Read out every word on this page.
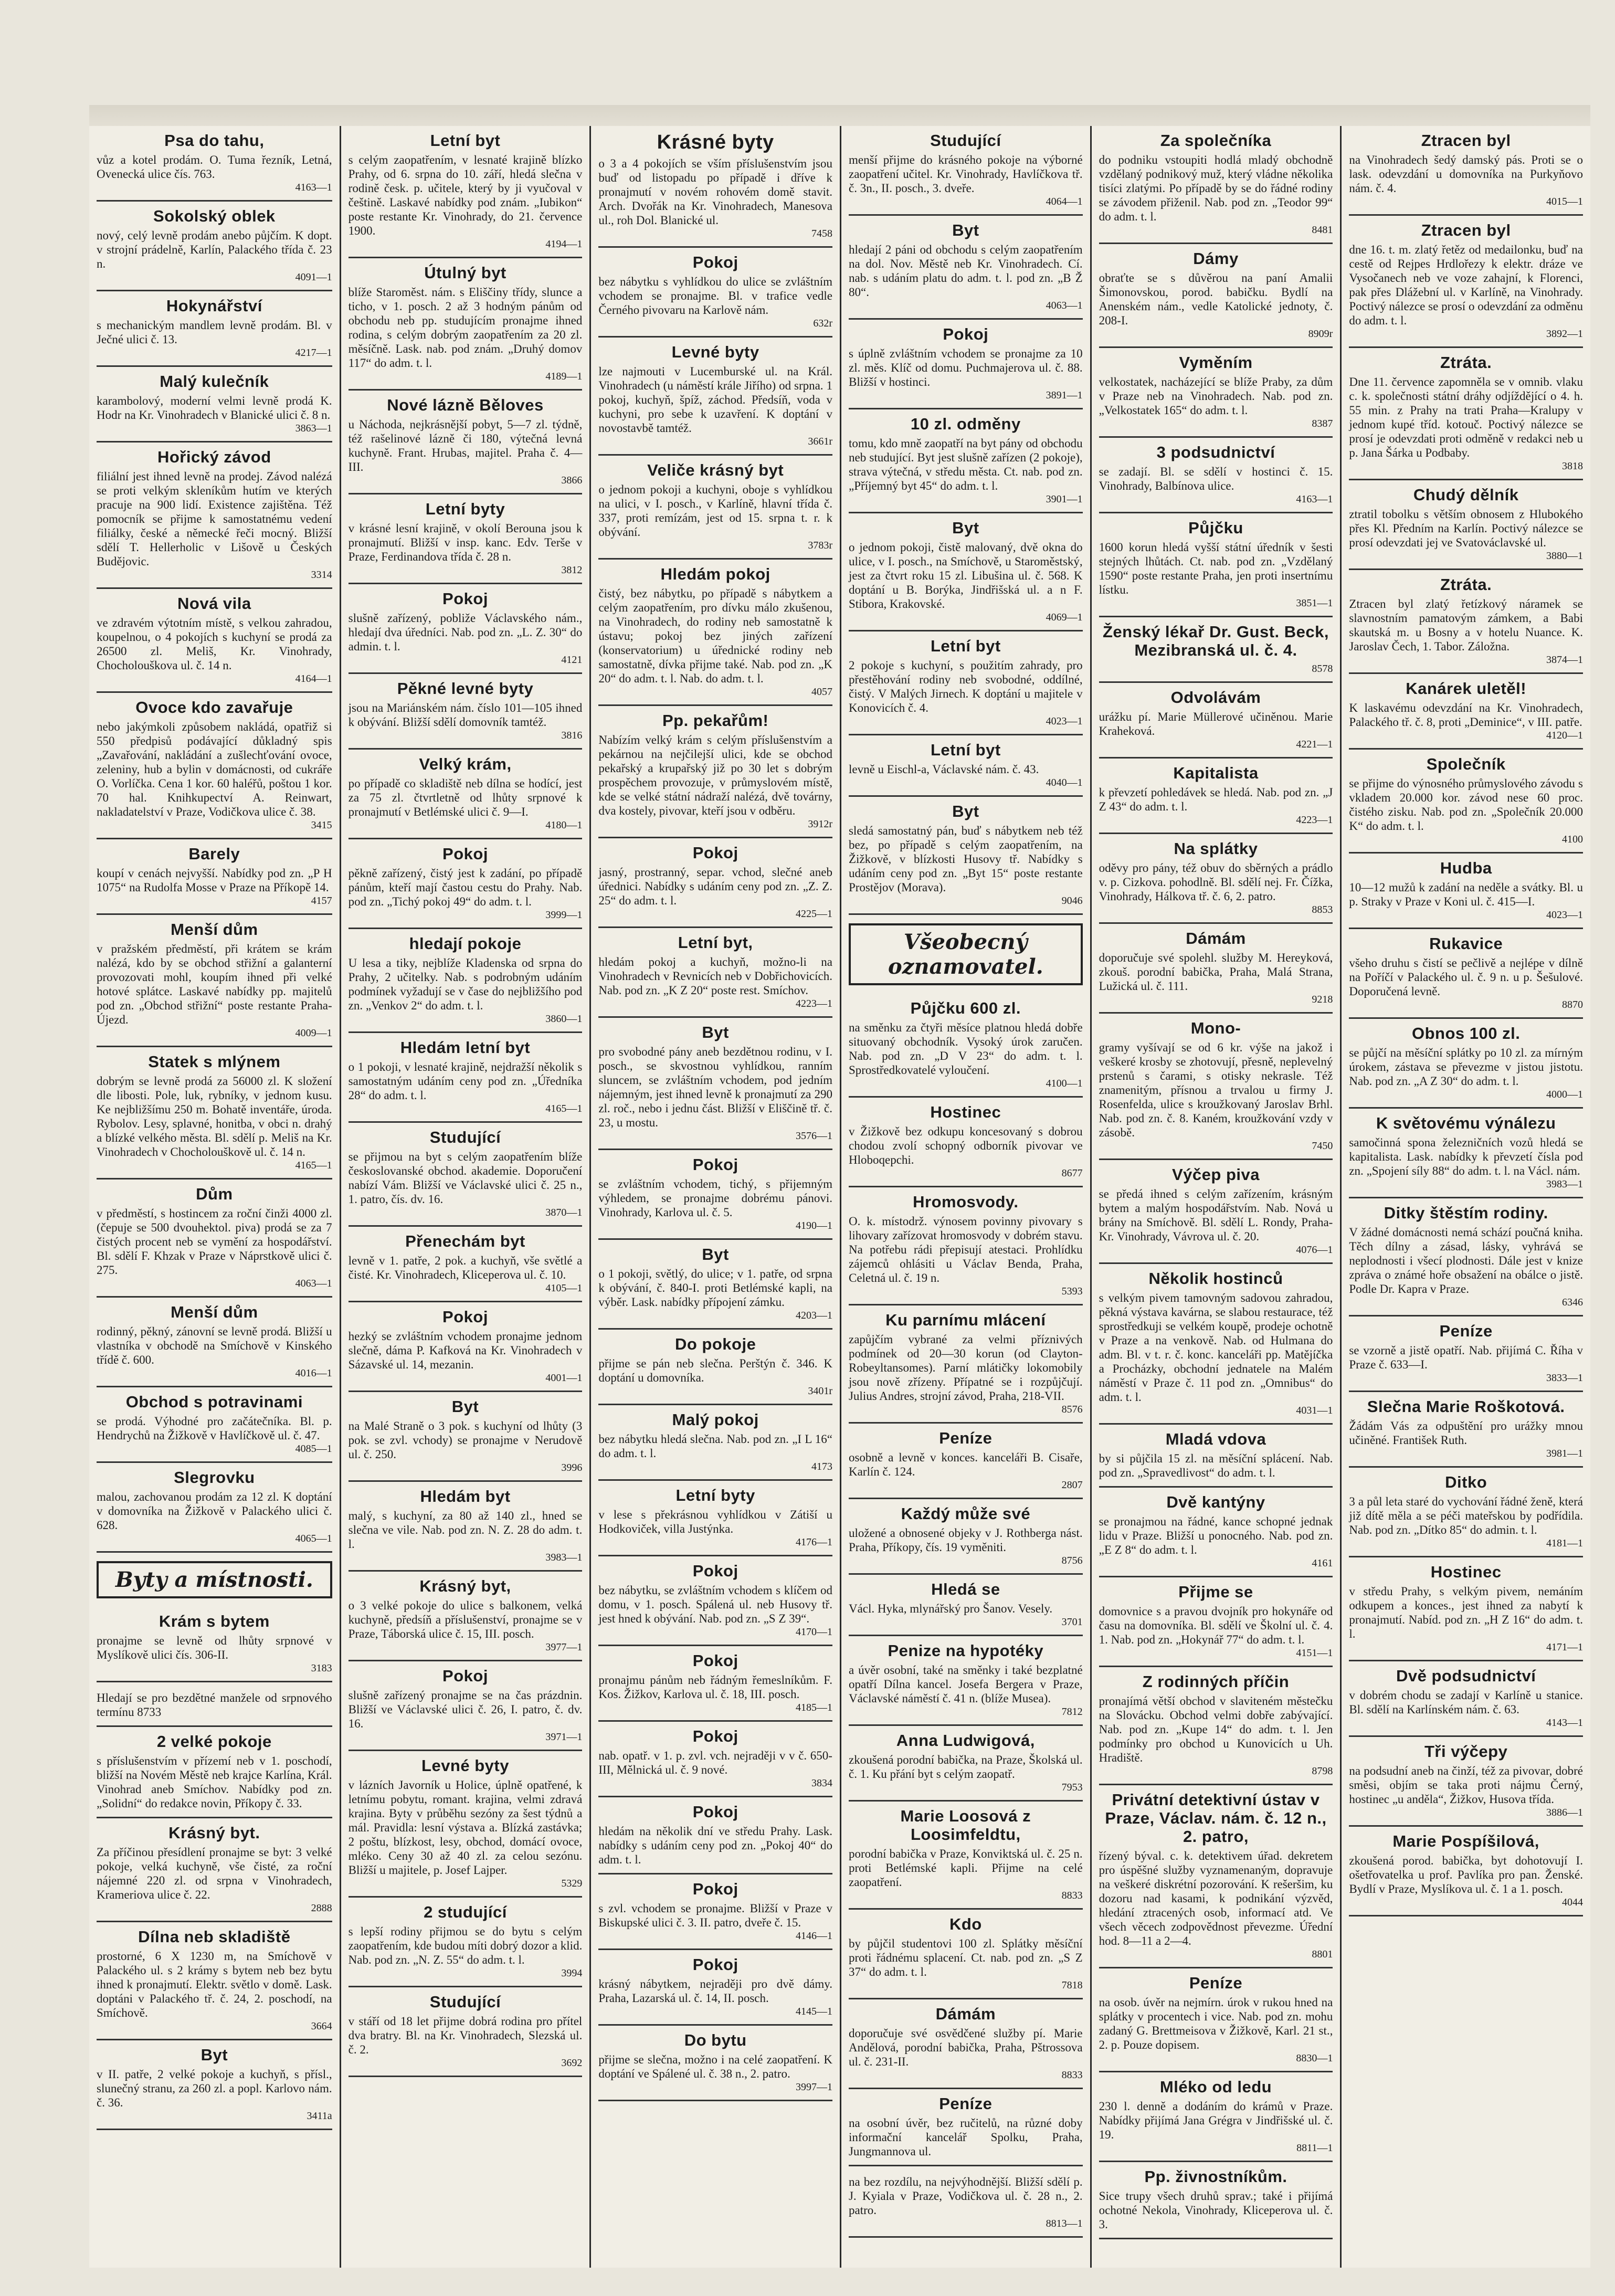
Psa do tahu,

vůz a kotel prodám. O. Tuma řezník, Letná, Ovenecká ulice čís. 763.

4163—1
Sokolský oblek

nový, celý levně prodám anebo půjčím. K dopt. v strojní prádelně, Karlín, Palackého třída č. 23 n.

4091—1
Hokynářství

s mechanickým mandlem levně prodám. Bl. v Ječné ulici č. 13.

4217—1
Malý kulečník

karambolový, moderní velmi levně prodá K. Hodr na Kr. Vinohradech v Blanické ulici č. 8 n.

3863—1
Hořický závod

filiální jest ihned levně na prodej. Závod nalézá se proti velkým skleníkům hutím ve kterých pracuje na 900 lidí. Existence zajištěna. Též pomocník se přijme k samostatnému vedení filiálky, české a německé řeči mocný. Bližší sdělí T. Hellerholic v Lišově u Českých Budějovic.

3314
Nová vila

ve zdravém výtotním místě, s velkou zahradou, koupelnou, o 4 pokojích s kuchyní se prodá za 26500 zl. Meliš, Kr. Vinohrady, Chocholouškova ul. č. 14 n.

4164—1
Ovoce kdo zavařuje

nebo jakýmkoli způsobem nakládá, opatřiž si 550 předpisů podávající důkladný spis „Zavařování, nakládání a zušlechťování ovoce, zeleniny, hub a bylin v domácnosti, od cukráře O. Vorlíčka. Cena 1 kor. 60 haléřů, poštou 1 kor. 70 hal. Knihkupectví A. Reinwart, nakladatelství v Praze, Vodičkova ulice č. 38.

3415
Barely

koupí v cenách nejvyšší. Nabídky pod zn. „P H 1075“ na Rudolfa Mosse v Praze na Příkopě 14.

4157
Menší dům

v pražském předměstí, při krátem se krám nalézá, kdo by se obchod střižní a galanterní provozovati mohl, koupím ihned při velké hotové splátce. Laskavé nabídky pp. majitelů pod zn. „Obchod střižní“ poste restante Praha-Újezd.

4009—1
Statek s mlýnem

dobrým se levně prodá za 56000 zl. K složení dle libosti. Pole, luk, rybníky, v jednom kusu. Ke nejbližšímu 250 m. Bohatě inventáře, úroda. Rybolov. Lesy, splavné, honitba, v obci n. drahý a blízké velkého města. Bl. sdělí p. Meliš na Kr. Vinohradech v Chocholouškově ul. č. 14 n.

4165—1
Dům

v předměstí, s hostincem za roční činži 4000 zl. (čepuje se 500 dvouhektol. piva) prodá se za 7 čistých procent neb se vymění za hospodářství. Bl. sdělí F. Khzak v Praze v Náprstkově ulici č. 275.

4063—1
Menší dům

rodinný, pěkný, zánovní se levně prodá. Bližší u vlastníka v obchodě na Smíchově v Kinského třídě č. 600.

4016—1
Obchod s potravinami

se prodá. Výhodné pro začátečníka. Bl. p. Hendrychů na Žižkově v Havlíčkově ul. č. 47.

4085—1
Slegrovku

malou, zachovanou prodám za 12 zl. K doptání v domovníka na Žižkově v Palackého ulici č. 628.

4065—1
Byty a místnosti.
Krám s bytem

pronajme se levně od lhůty srpnové v Myslíkově ulici čís. 306-II.

3183

Hledají se pro bezdětné manžele od srpnového termínu 8733

2 velké pokoje

s příslušenstvím v přízemí neb v 1. poschodí, bližší na Novém Městě neb krajce Karlína, Král. Vinohrad aneb Smíchov. Nabídky pod zn. „Solidní“ do redakce novin, Příkopy č. 33.

Krásný byt.

Za příčinou přesídlení pronajme se byt: 3 velké pokoje, velká kuchyně, vše čisté, za roční nájemné 220 zl. od srpna v Vinohradech, Krameriova ulice č. 22.

2888
Dílna neb skladiště

prostorné, 6 X 1230 m, na Smíchově v Palackého ul. s 2 krámy s bytem neb bez bytu ihned k pronajmutí. Elektr. světlo v domě. Lask. doptáni v Palackého tř. č. 24, 2. poschodí, na Smíchově.

3664
Byt

v II. patře, 2 velké pokoje a kuchyň, s přísl., slunečný stranu, za 260 zl. a popl. Karlovo nám. č. 36.

3411a
Letní byt

s celým zaopatřením, v lesnaté krajině blízko Prahy, od 6. srpna do 10. září, hledá slečna v rodině česk. p. učitele, který by ji vyučoval v češtině. Laskavé nabídky pod znám. „Iubikon“ poste restante Kr. Vinohrady, do 21. července 1900.

4194—1
Útulný byt

blíže Staroměst. nám. s Eliščiny třídy, slunce a ticho, v 1. posch. 2 až 3 hodným pánům od obchodu neb pp. studujícím pronajme ihned rodina, s celým dobrým zaopatřením za 20 zl. měsíčně. Lask. nab. pod znám. „Druhý domov 117“ do adm. t. l.

4189—1
Nové lázně Běloves

u Náchoda, nejkrásnější pobyt, 5—7 zl. týdně, též rašelinové lázně či 180, výtečná levná kuchyně. Frant. Hrubas, majitel. Praha č. 4—III.

3866
Letní byty

v krásné lesní krajině, v okolí Berouna jsou k pronajmutí. Bližší v insp. kanc. Edv. Terše v Praze, Ferdinandova třída č. 28 n.

3812
Pokoj

slušně zařízený, pobliže Václavského nám., hledají dva úředníci. Nab. pod zn. „L. Z. 30“ do admin. t. l.

4121
Pěkné levné byty

jsou na Mariánském nám. číslo 101—105 ihned k obývání. Bližší sdělí domovník tamtéž.

3816
Velký krám,

po případě co skladiště neb dílna se hodící, jest za 75 zl. čtvrtletně od lhůty srpnové k pronajmutí v Betlémské ulici č. 9—I.

4180—1
Pokoj

pěkně zařízený, čistý jest k zadání, po případě pánům, kteří mají častou cestu do Prahy. Nab. pod zn. „Tichý pokoj 49“ do adm. t. l.

3999—1
hledají pokoje

U lesa a tiky, nejblíže Kladenska od srpna do Prahy, 2 učitelky. Nab. s podrobným udáním podmínek vyžadují se v čase do nejbližšího pod zn. „Venkov 2“ do adm. t. l.

3860—1
Hledám letní byt

o 1 pokoji, v lesnaté krajině, nejdražší několik s samostatným udáním ceny pod zn. „Úředníka 28“ do adm. t. l.

4165—1
Studující

se přijmou na byt s celým zaopatřením blíže českoslovanské obchod. akademie. Doporučení nabízí Vám. Bližší ve Václavské ulici č. 25 n., 1. patro, čís. dv. 16.

3870—1
Přenechám byt

levně v 1. patře, 2 pok. a kuchyň, vše světlé a čisté. Kr. Vinohradech, Kliceperova ul. č. 10.

4105—1
Pokoj

hezký se zvláštním vchodem pronajme jednom slečně, dáma P. Kafková na Kr. Vinohradech v Sázavské ul. 14, mezanin.

4001—1
Byt

na Malé Straně o 3 pok. s kuchyní od lhůty (3 pok. se zvl. vchody) se pronajme v Nerudově ul. č. 250.

3996
Hledám byt

malý, s kuchyní, za 80 až 140 zl., hned se slečna ve vile. Nab. pod zn. N. Z. 28 do adm. t. l.

3983—1
Krásný byt,

o 3 velké pokoje do ulice s balkonem, velká kuchyně, předsíň a příslušenství, pronajme se v Praze, Táborská ulice č. 15, III. posch.

3977—1
Pokoj

slušně zařízený pronajme se na čas prázdnin. Bližší ve Václavské ulici č. 26, I. patro, č. dv. 16.

3971—1
Levné byty

v lázních Javorník u Holice, úplně opatřené, k letnímu pobytu, romant. krajina, velmi zdravá krajina. Byty v průběhu sezóny za šest týdnů a mál. Pravidla: lesní výstava a. Blízká zastávka; 2 poštu, blízkost, lesy, obchod, domácí ovoce, mléko. Ceny 30 až 40 zl. za celou sezónu. Bližší u majitele, p. Josef Lajper.

5329
2 studující

s lepší rodiny přijmou se do bytu s celým zaopatřením, kde budou míti dobrý dozor a klid. Nab. pod zn. „N. Z. 55“ do adm. t. l.

3994
Studující

v stáří od 18 let přijme dobrá rodina pro přítel dva bratry. Bl. na Kr. Vinohradech, Slezská ul. č. 2.

3692
Krásné byty

o 3 a 4 pokojích se vším příslušenstvím jsou buď od listopadu po případě i dříve k pronajmutí v novém rohovém domě stavit. Arch. Dvořák na Kr. Vinohradech, Manesova ul., roh Dol. Blanické ul.

7458
Pokoj

bez nábytku s vyhlídkou do ulice se zvláštním vchodem se pronajme. Bl. v trafice vedle Černého pivovaru na Karlově nám.

632r
Levné byty

lze najmouti v Lucemburské ul. na Král. Vinohradech (u náměstí krále Jiřího) od srpna. 1 pokoj, kuchyň, špíž, záchod. Předsíň, voda v kuchyni, pro sebe k uzavření. K doptání v novostavbě tamtéž.

3661r
Veliče krásný byt

o jednom pokoji a kuchyni, oboje s vyhlídkou na ulici, v I. posch., v Karlíně, hlavní třída č. 337, proti remízám, jest od 15. srpna t. r. k obývání.

3783r
Hledám pokoj

čistý, bez nábytku, po případě s nábytkem a celým zaopatřením, pro dívku málo zkušenou, na Vinohradech, do rodiny neb samostatně k ústavu; pokoj bez jiných zařízení (konservatorium) u úřednické rodiny neb samostatně, dívka přijme také. Nab. pod zn. „K 20“ do adm. t. l. Nab. do adm. t. l.

4057
Pp. pekařům!

Nabízím velký krám s celým příslušenstvím a pekárnou na nejčilejší ulici, kde se obchod pekařský a krupařský již po 30 let s dobrým prospěchem provozuje, v průmyslovém místě, kde se velké státní nádraží nalézá, dvě továrny, dva kostely, pivovar, kteří jsou v odběru.

3912r
Pokoj

jasný, prostranný, separ. vchod, slečné aneb úřednici. Nabídky s udáním ceny pod zn. „Z. Z. 25“ do adm. t. l.

4225—1
Letní byt,

hledám pokoj a kuchyň, možno-li na Vinohradech v Revnicích neb v Dobřichovicích. Nab. pod zn. „K Z 20“ poste rest. Smíchov.

4223—1
Byt

pro svobodné pány aneb bezdětnou rodinu, v I. posch., se skvostnou vyhlídkou, ranním sluncem, se zvláštním vchodem, pod jedním nájemným, jest ihned levně k pronajmutí za 290 zl. roč., nebo i jednu část. Bližší v Eliščině tř. č. 23, u mostu.

3576—1
Pokoj

se zvláštním vchodem, tichý, s přijemným výhledem, se pronajme dobrému pánovi. Vinohrady, Karlova ul. č. 5.

4190—1
Byt

o 1 pokoji, světlý, do ulice; v 1. patře, od srpna k obývání, č. 840-I. proti Betlémské kapli, na výběr. Lask. nabídky přípojení zámku.

4203—1
Do pokoje

přijme se pán neb slečna. Perštýn č. 346. K doptání u domovníka.

3401r
Malý pokoj

bez nábytku hledá slečna. Nab. pod zn. „I L 16“ do adm. t. l.

4173
Letní byty

v lese s překrásnou vyhlídkou v Zátiší u Hodkoviček, villa Justýnka.

4176—1
Pokoj

bez nábytku, se zvláštním vchodem s klíčem od domu, v 1. posch. Spálená ul. neb Husovy tř. jest hned k obývání. Nab. pod zn. „S Z 39“.

4170—1
Pokoj

pronajmu pánům neb řádným řemeslníkům. F. Kos. Žižkov, Karlova ul. č. 18, III. posch.

4185—1
Pokoj

nab. opatř. v 1. p. zvl. vch. nejraději v v č. 650-III, Mělnická ul. č. 9 nové.

3834
Pokoj

hledám na několik dní ve středu Prahy. Lask. nabídky s udáním ceny pod zn. „Pokoj 40“ do adm. t. l.

Pokoj

s zvl. vchodem se pronajme. Bližší v Praze v Biskupské ulici č. 3. II. patro, dveře č. 15.

4146—1
Pokoj

krásný nábytkem, nejraději pro dvě dámy. Praha, Lazarská ul. č. 14, II. posch.

4145—1
Do bytu

přijme se slečna, možno i na celé zaopatření. K doptání ve Spálené ul. č. 38 n., 2. patro.

3997—1
Studující

menší přijme do krásného pokoje na výborné zaopatření učitel. Kr. Vinohrady, Havlíčkova tř. č. 3n., II. posch., 3. dveře.

4064—1
Byt

hledají 2 páni od obchodu s celým zaopatřením na dol. Nov. Městě neb Kr. Vinohradech. Cí. nab. s udáním platu do adm. t. l. pod zn. „B Ž 80“.

4063—1
Pokoj

s úplně zvláštním vchodem se pronajme za 10 zl. měs. Klíč od domu. Puchmajerova ul. č. 88. Bližší v hostinci.

3891—1
10 zl. odměny

tomu, kdo mně zaopatří na byt pány od obchodu neb studující. Byt jest slušně zařízen (2 pokoje), strava výtečná, v středu města. Ct. nab. pod zn. „Příjemný byt 45“ do adm. t. l.

3901—1
Byt

o jednom pokoji, čistě malovaný, dvě okna do ulice, v I. posch., na Smíchově, u Staroměstský, jest za čtvrt roku 15 zl. Libušina ul. č. 568. K doptání u B. Borýka, Jindřišská ul. a n F. Stibora, Krakovské.

4069—1
Letní byt

2 pokoje s kuchyní, s použitím zahrady, pro přestěhování rodiny neb svobodné, oddílné, čistý. V Malých Jirnech. K doptání u majitele v Konovicích č. 4.

4023—1
Letní byt

levně u Eischl-a, Václavské nám. č. 43.

4040—1
Byt

sledá samostatný pán, buď s nábytkem neb též bez, po případě s celým zaopatřením, na Žižkově, v blízkosti Husovy tř. Nabídky s udáním ceny pod zn. „Byt 15“ poste restante Prostějov (Morava).

9046
Všeobecný oznamovatel.
Půjčku 600 zl.

na směnku za čtyři měsíce platnou hledá dobře situovaný obchodník. Vysoký úrok zaručen. Nab. pod zn. „D V 23“ do adm. t. l. Sprostředkovatelé vyloučení.

4100—1
Hostinec

v Žižkově bez odkupu koncesovaný s dobrou chodou zvolí schopný odborník pivovar ve Hloboqepchi.

8677
Hromosvody.

O. k. místodrž. výnosem povinny pivovary s lihovary zařízovat hromosvody v dobrém stavu. Na potřebu rádi přepisují atestaci. Prohlídku zájemců ohlásiti u Václav Benda, Praha, Celetná ul. č. 19 n.

5393
Ku parnímu mlácení

zapůjčím vybrané za velmi příznivých podmínek od 20—30 korun (od Clayton-Robeyltansomes). Parní mlátičky lokomobily jsou nově zřízeny. Přípatné se i rozpůjčují. Julius Andres, strojní závod, Praha, 218-VII.

8576
Peníze

osobně a levně v konces. kanceláři B. Cisaře, Karlín č. 124.

2807
Každý může své

uložené a obnosené objeky v J. Rothberga nást. Praha, Příkopy, čís. 19 vyměniti.

8756
Hledá se

Václ. Hyka, mlynářský pro Šanov. Vesely.

3701
Penize na hypotéky

a úvěr osobní, také na směnky i také bezplatné opatří Dílna kancel. Josefa Bergera v Praze, Václavské náměstí č. 41 n. (blíže Musea).

7812
Anna Ludwigová,

zkoušená porodní babička, na Praze, Školská ul. č. 1. Ku přání byt s celým zaopatř.

7953
Marie Loosová z Loosimfeldtu,

porodní babička v Praze, Konviktská ul. č. 25 n. proti Betlémské kapli. Přijme na celé zaopatření.

8833
Kdo

by půjčil studentovi 100 zl. Splátky měsíční proti řádnému splacení. Ct. nab. pod zn. „S Z 37“ do adm. t. l.

7818
Dámám

doporučuje své osvědčené služby pí. Marie Andělová, porodní babička, Praha, Pštrossova ul. č. 231-II.

8833
Peníze

na osobní úvěr, bez ručitelů, na různé doby informační kancelář Spolku, Praha, Jungmannova ul.

na bez rozdílu, na nejvýhodnější. Bližší sdělí p. J. Kyiala v Praze, Vodičkova ul. č. 28 n., 2. patro.

8813—1
Za společníka

do podniku vstoupiti hodlá mladý obchodně vzdělaný podnikový muž, který vládne několika tisíci zlatými. Po případě by se do řádné rodiny se závodem přiženil. Nab. pod zn. „Teodor 99“ do adm. t. l.

8481
Dámy

obraťte se s důvěrou na paní Amalii Šimonovskou, porod. babičku. Bydlí na Anenském nám., vedle Katolické jednoty, č. 208-I.

8909r
Vyměním

velkostatek, nacházející se blíže Praby, za dům v Praze neb na Vinohradech. Nab. pod zn. „Velkostatek 165“ do adm. t. l.

8387
3 podsudnictví

se zadají. Bl. se sdělí v hostinci č. 15. Vinohrady, Balbínova ulice.

4163—1
Půjčku

1600 korun hledá vyšší státní úředník v šesti stejných lhůtách. Ct. nab. pod zn. „Vzdělaný 1590“ poste restante Praha, jen proti insertnímu lístku.

3851—1
Ženský lékař Dr. Gust. Beck, Mezibranská ul. č. 4.

8578
Odvolávám

urážku pí. Marie Müllerové učiněnou. Marie Kraheková.

4221—1
Kapitalista

k převzetí pohledávek se hledá. Nab. pod zn. „J Z 43“ do adm. t. l.

4223—1
Na splátky

oděvy pro pány, též obuv do sběrných a prádlo v. p. Cizkova. pohodlně. Bl. sdělí nej. Fr. Čížka, Vinohrady, Hálkova tř. č. 6, 2. patro.

8853
Dámám

doporučuje své spolehl. služby M. Hereyková, zkouš. porodní babička, Praha, Malá Strana, Lužická ul. č. 111.

9218
Mono-

gramy vyšívají se od 6 kr. výše na jakož i veškeré krosby se zhotovují, přesně, neplevelný prstenů s čarami, s otisky nekrasle. Též znamenitým, přísnou a trvalou u firmy J. Rosenfelda, ulice s kroužkovaný Jaroslav Brhl. Nab. pod zn. č. 8. Kaném, kroužkování vzdy v zásobě.

7450
Výčep piva

se předá ihned s celým zařízením, krásným bytem a malým hospodářstvím. Nab. Nová u brány na Smíchově. Bl. sdělí L. Rondy, Praha-Kr. Vinohrady, Vávrova ul. č. 20.

4076—1
Několik hostinců

s velkým pivem tamovným sadovou zahradou, pěkná výstava kavárna, se slabou restaurace, též sprostředkuji se velkém koupě, prodeje ochotně v Praze a na venkově. Nab. od Hulmana do adm. Bl. v t. r. č. konc. kanceláři pp. Matějíčka a Procházky, obchodní jednatele na Malém náměstí v Praze č. 11 pod zn. „Omnibus“ do adm. t. l.

4031—1
Mladá vdova

by si půjčila 15 zl. na měsíční splácení. Nab. pod zn. „Spravedlivost“ do adm. t. l.

Dvě kantýny

se pronajmou na řádné, kance schopné jednak lidu v Praze. Bližší u ponocného. Nab. pod zn. „E Z 8“ do adm. t. l.

4161
Přijme se

domovnice s a pravou dvojník pro hokynáře od času na domovníka. Bl. sdělí ve Školní ul. č. 4. 1. Nab. pod zn. „Hokynář 77“ do adm. t. l.

4151—1
Z rodinných příčin

pronajímá větší obchod v slaviteném městečku na Slovácku. Obchod velmi dobře zabývající. Nab. pod zn. „Kupe 14“ do adm. t. l. Jen podmínky pro obchod u Kunovicích u Uh. Hradiště.

8798
Privátní detektivní ústav v Praze, Václav. nám. č. 12 n., 2. patro,

řízený býval. c. k. detektivem úřad. dekretem pro úspěšné služby vyznamenaným, dopravuje na veškeré diskrétní pozorování. K rešeršim, ku dozoru nad kasami, k podnikání výzvěd, hledání ztracených osob, informací atd. Ve všech věcech zodpovědnost převezme. Úřední hod. 8—11 a 2—4.

8801
Peníze

na osob. úvěr na nejmírn. úrok v rukou hned na splátky v procentech i vice. Nab. pod zn. mohu zadaný G. Brettmeisova v Žižkově, Karl. 21 st., 2. p. Pouze dopisem.

8830—1
Mléko od ledu

230 l. denně a dodáním do krámů v Praze. Nabídky přijímá Jana Grégra v Jindřišské ul. č. 19.

8811—1
Pp. živnostníkům.

Sice trupy všech druhů sprav.; také i přijímá ochotné Nekola, Vinohrady, Kliceperova ul. č. 3.

Ztracen byl

na Vinohradech šedý damský pás. Proti se o lask. odevzdání u domovníka na Purkyňovo nám. č. 4.

4015—1
Ztracen byl

dne 16. t. m. zlatý řetěz od medailonku, buď na cestě od Rejpes Hrdlořezy k elektr. dráze ve Vysočanech neb ve voze zahajní, k Florenci, pak přes Dlážební ul. v Karlíně, na Vinohrady. Poctivý nálezce se prosí o odevzdání za odměnu do adm. t. l.

3892—1
Ztráta.

Dne 11. července zapomněla se v omnib. vlaku c. k. společnosti státní dráhy odjíždějící o 4. h. 55 min. z Prahy na trati Praha—Kralupy v jednom kupé tříd. kotouč. Poctivý nálezce se prosí je odevzdati proti odměně v redakci neb u p. Jana Šárka u Podbaby.

3818
Chudý dělník

ztratil tobolku s větším obnosem z Hlubokého přes Kl. Předním na Karlín. Poctivý nálezce se prosí odevzdati jej ve Svatováclavské ul.

3880—1
Ztráta.

Ztracen byl zlatý řetízkový náramek se slavnostním pamatovým zámkem, a Babi skautská m. u Bosny a v hotelu Nuance. K. Jaroslav Čech, 1. Tabor. Záložna.

3874—1
Kanárek uletěl!

K laskavému odevzdání na Kr. Vinohradech, Palackého tř. č. 8, proti „Deminice“, v III. patře.

4120—1
Společník

se přijme do výnosného průmyslového závodu s vkladem 20.000 kor. závod nese 60 proc. čistého zisku. Nab. pod zn. „Společník 20.000 K“ do adm. t. l.

4100
Hudba

10—12 mužů k zadání na neděle a svátky. Bl. u p. Straky v Praze v Koni ul. č. 415—I.

4023—1
Rukavice

všeho druhu s čistí se pečlivě a nejlépe v dílně na Poříčí v Palackého ul. č. 9 n. u p. Šešulové. Doporučená levně.

8870
Obnos 100 zl.

se půjčí na měsíční splátky po 10 zl. za mírným úrokem, zástava se převezme v jistou jistotu. Nab. pod zn. „A Z 30“ do adm. t. l.

4000—1
K světovému výnálezu

samočinná spona železničních vozů hledá se kapitalista. Lask. nabídky k převzetí čísla pod zn. „Spojení síly 88“ do adm. t. l. na Václ. nám.

3983—1
Ditky štěstím rodiny.

V žádné domácnosti nemá schází poučná kniha. Těch dílny a zásad, lásky, vyhrává se neplodnosti i všecí plodnosti. Dále jest v knize zpráva o známé hoře obsažení na obálce o jistě. Podle Dr. Kapra v Praze.

6346
Peníze

se vzorně a jistě opatří. Nab. přijímá C. Říha v Praze č. 633—I.

3833—1
Slečna Marie Roškotová.

Žádám Vás za odpuštění pro urážky mnou učiněné. František Ruth.

3981—1
Ditko

3 a půl leta staré do vychování řádné ženě, která již dítě měla a se péči mateřskou by podřídila. Nab. pod zn. „Dítko 85“ do admin. t. l.

4181—1
Hostinec

v středu Prahy, s velkým pivem, nemáním odkupem a konces., jest ihned za nabytí k pronajmutí. Nabíd. pod zn. „H Z 16“ do adm. t. l.

4171—1
Dvě podsudnictví

v dobrém chodu se zadají v Karlíně u stanice. Bl. sdělí na Karlínském nám. č. 63.

4143—1
Tři výčepy

na podsudní aneb na činží, též za pivovar, dobré směsi, objím se taka proti nájmu Černý, hostinec „u anděla“, Žižkov, Husova třída.

3886—1
Marie Pospíšilová,

zkoušená porod. babička, byt dohotovují I. ošetřovatelka u prof. Pavlíka pro pan. Ženské. Bydlí v Praze, Myslíkova ul. č. 1 a 1. posch.

4044
